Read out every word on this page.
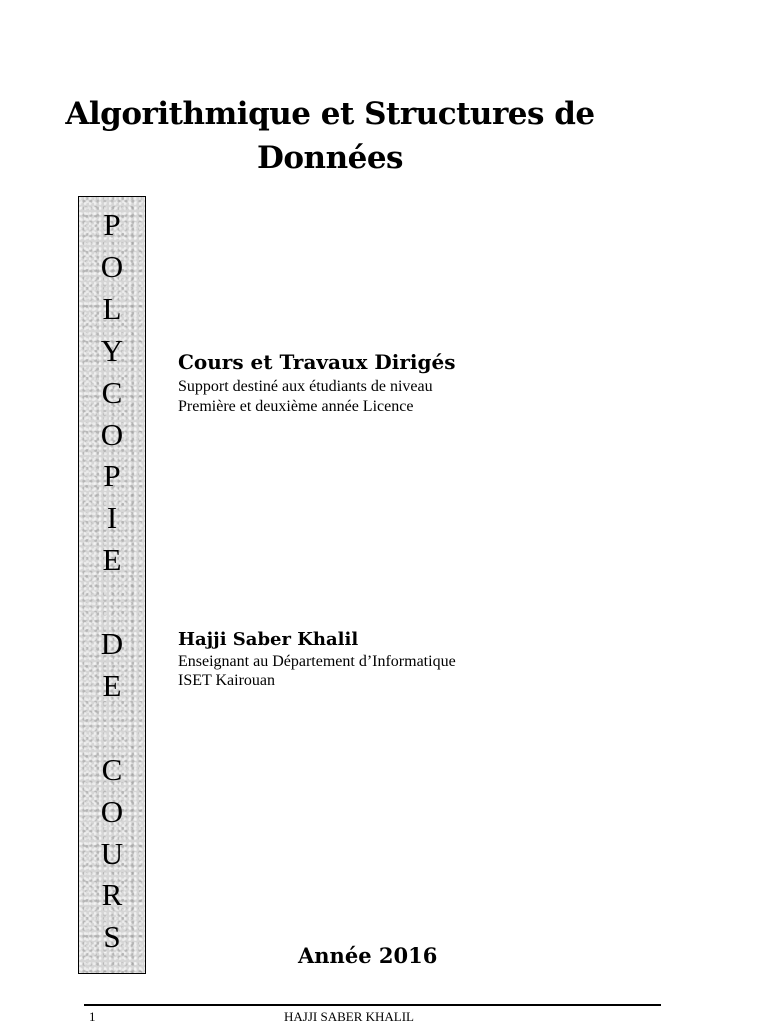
Algorithmique et Structures de
Données
P
O
L
Y
C
O
P
I
E
D
E
C
O
U
R
S
Cours et Travaux Dirigés
Support destiné aux étudiants de niveau
Première et deuxième année Licence
Hajji Saber Khalil
Enseignant au Département d’Informatique
ISET Kairouan
Année 2016
1	HAJJI SABER KHALIL
